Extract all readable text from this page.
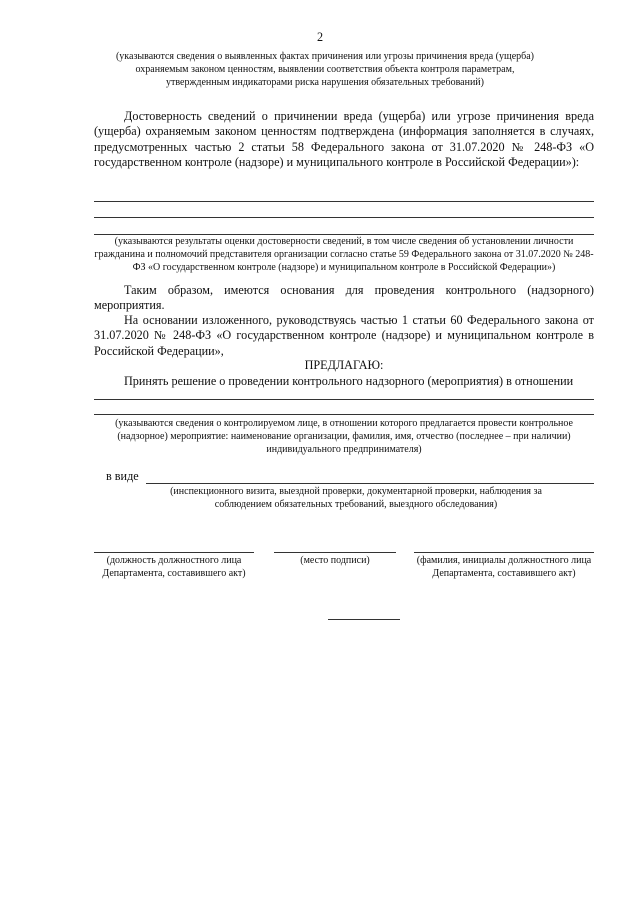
2
(указываются сведения о выявленных фактах причинения или угрозы причинения вреда (ущерба) охраняемым законом ценностям, выявлении соответствия объекта контроля параметрам, утвержденным индикаторами риска нарушения обязательных требований)
Достоверность сведений о причинении вреда (ущерба) или угрозе причинения вреда (ущерба) охраняемым законом ценностям подтверждена (информация заполняется в случаях, предусмотренных частью 2 статьи 58 Федерального закона от 31.07.2020 № 248-ФЗ «О государственном контроле (надзоре) и муниципального контроле в Российской Федерации»):
(указываются результаты оценки достоверности сведений, в том числе сведения об установлении личности гражданина и полномочий представителя организации согласно статье 59 Федерального закона от 31.07.2020 № 248-ФЗ «О государственном контроле (надзоре) и муниципальном контроле в Российской Федерации»)
Таким образом, имеются основания для проведения контрольного (надзорного) мероприятия.
На основании изложенного, руководствуясь частью 1 статьи 60 Федерального закона от 31.07.2020 № 248-ФЗ «О государственном контроле (надзоре) и муниципальном контроле в Российской Федерации»,
ПРЕДЛАГАЮ:
Принять решение о проведении контрольного надзорного (мероприятия) в отношении
(указываются сведения о контролируемом лице, в отношении которого предлагается провести контрольное (надзорное) мероприятие: наименование организации, фамилия, имя, отчество (последнее – при наличии) индивидуального предпринимателя)
в виде
(инспекционного визита, выездной проверки, документарной проверки, наблюдения за соблюдением обязательных требований, выездного обследования)
(должность должностного лица Департамента, составившего акт)
(место подписи)	(фамилия, инициалы должностного лица Департамента, составившего акт)
